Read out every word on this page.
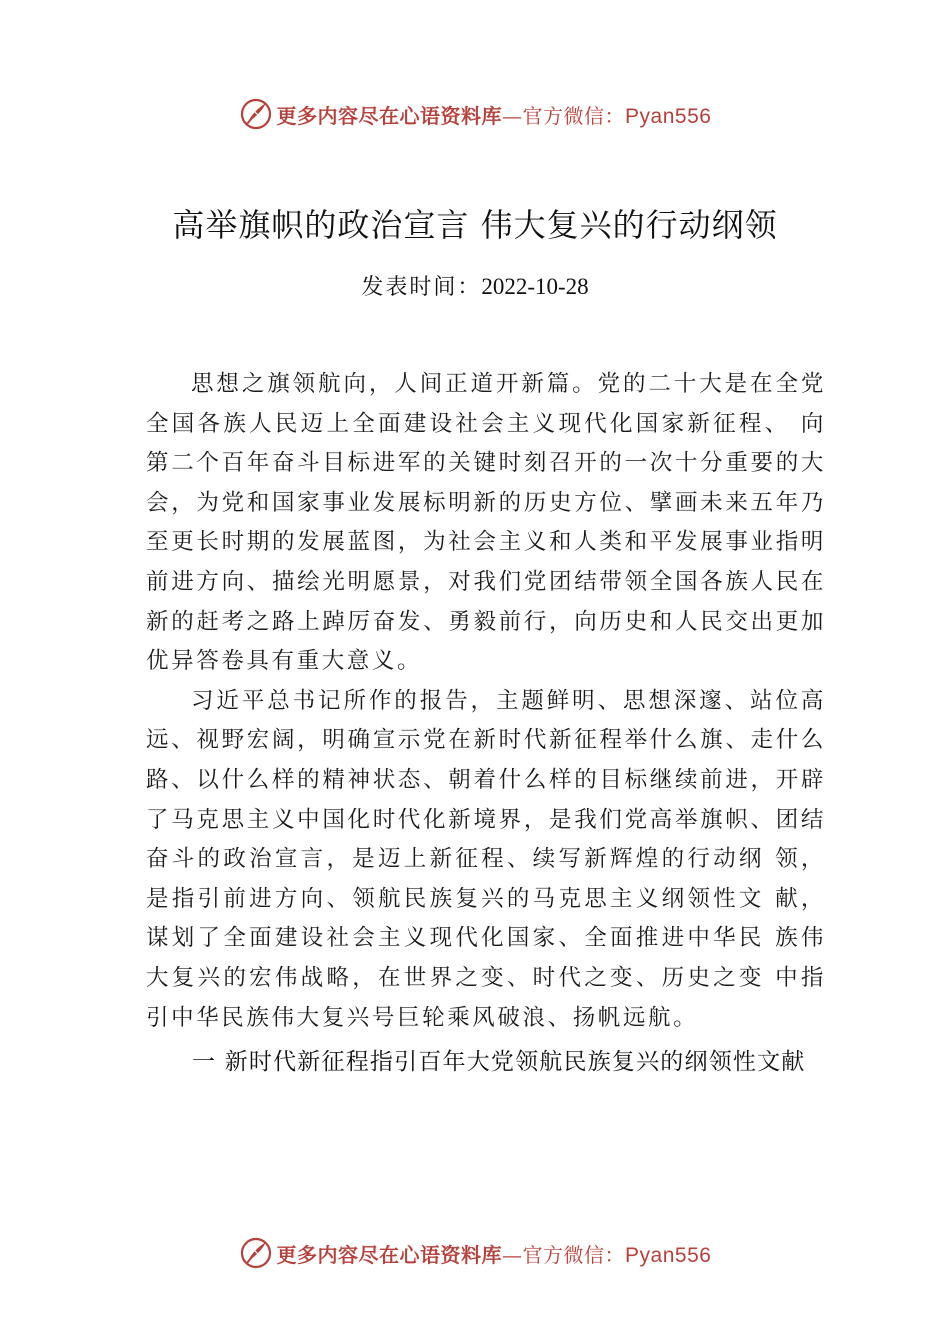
更多内容尽在心语资料库—官方微信：Pyan556
高举旗帜的政治宣言 伟大复兴的行动纲领
发表时间：2022-10-28

思想之旗领航向，人间正道开新篇。党的二十大是在全党全国各族人民迈上全面建设社会主义现代化国家新征程、 向第二个百年奋斗目标进军的关键时刻召开的一次十分重要的大会，为党和国家事业发展标明新的历史方位、擘画未来五年乃至更长时期的发展蓝图，为社会主义和人类和平发展事业指明前进方向、描绘光明愿景，对我们党团结带领全国各族人民在新的赶考之路上踔厉奋发、勇毅前行，向历史和人民交出更加优异答卷具有重大意义。

习近平总书记所作的报告，主题鲜明、思想深邃、站位高远、视野宏阔，明确宣示党在新时代新征程举什么旗、走什么路、以什么样的精神状态、朝着什么样的目标继续前进，开辟了马克思主义中国化时代化新境界，是我们党高举旗帜、团结奋斗的政治宣言，是迈上新征程、续写新辉煌的行动纲 领，是指引前进方向、领航民族复兴的马克思主义纲领性文 献，谋划了全面建设社会主义现代化国家、全面推进中华民 族伟大复兴的宏伟战略，在世界之变、时代之变、历史之变 中指引中华民族伟大复兴号巨轮乘风破浪、扬帆远航。

一 新时代新征程指引百年大党领航民族复兴的纲领性文献
更多内容尽在心语资料库—官方微信：Pyan556
